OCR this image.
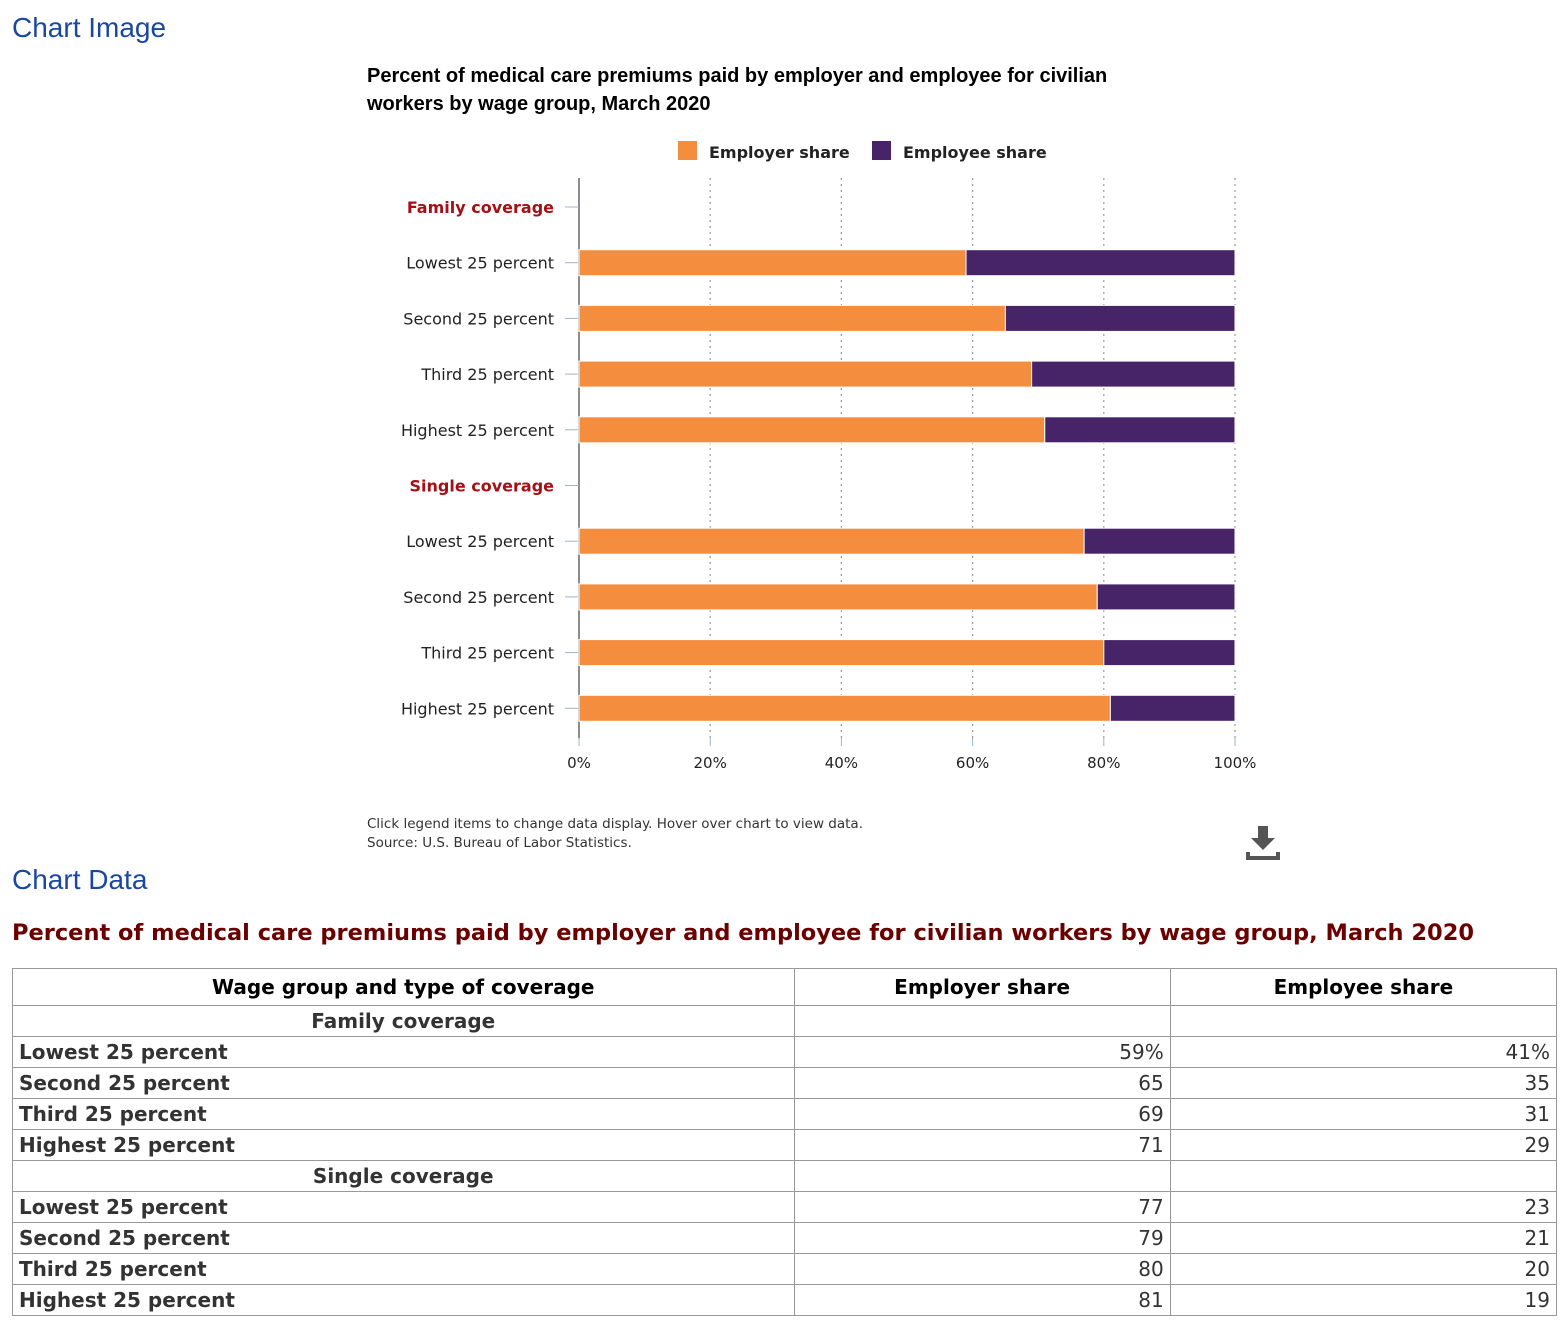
Chart Image
Percent of medical care premiums paid by employer and employee for civilian workers by wage group, March 2020
Employer share	Employee share
0%	20%	40%	60%	80%	100%
Family coverage
Lowest 25 percent
Second 25 percent
Third 25 percent
Highest 25 percent
Single coverage
Lowest 25 percent
Second 25 percent
Third 25 percent
Highest 25 percent
Click legend items to change data display. Hover over chart to view data.
Source: U.S. Bureau of Labor Statistics.
Chart Data
Percent of medical care premiums paid by employer and employee for civilian workers by wage group, March 2020
Wage group and type of coverage	Employer share	Employee share
Family coverage		
Lowest 25 percent	59%	41%
Second 25 percent	65	35
Third 25 percent	69	31
Highest 25 percent	71	29
Single coverage		
Lowest 25 percent	77	23
Second 25 percent	79	21
Third 25 percent	80	20
Highest 25 percent	81	19
